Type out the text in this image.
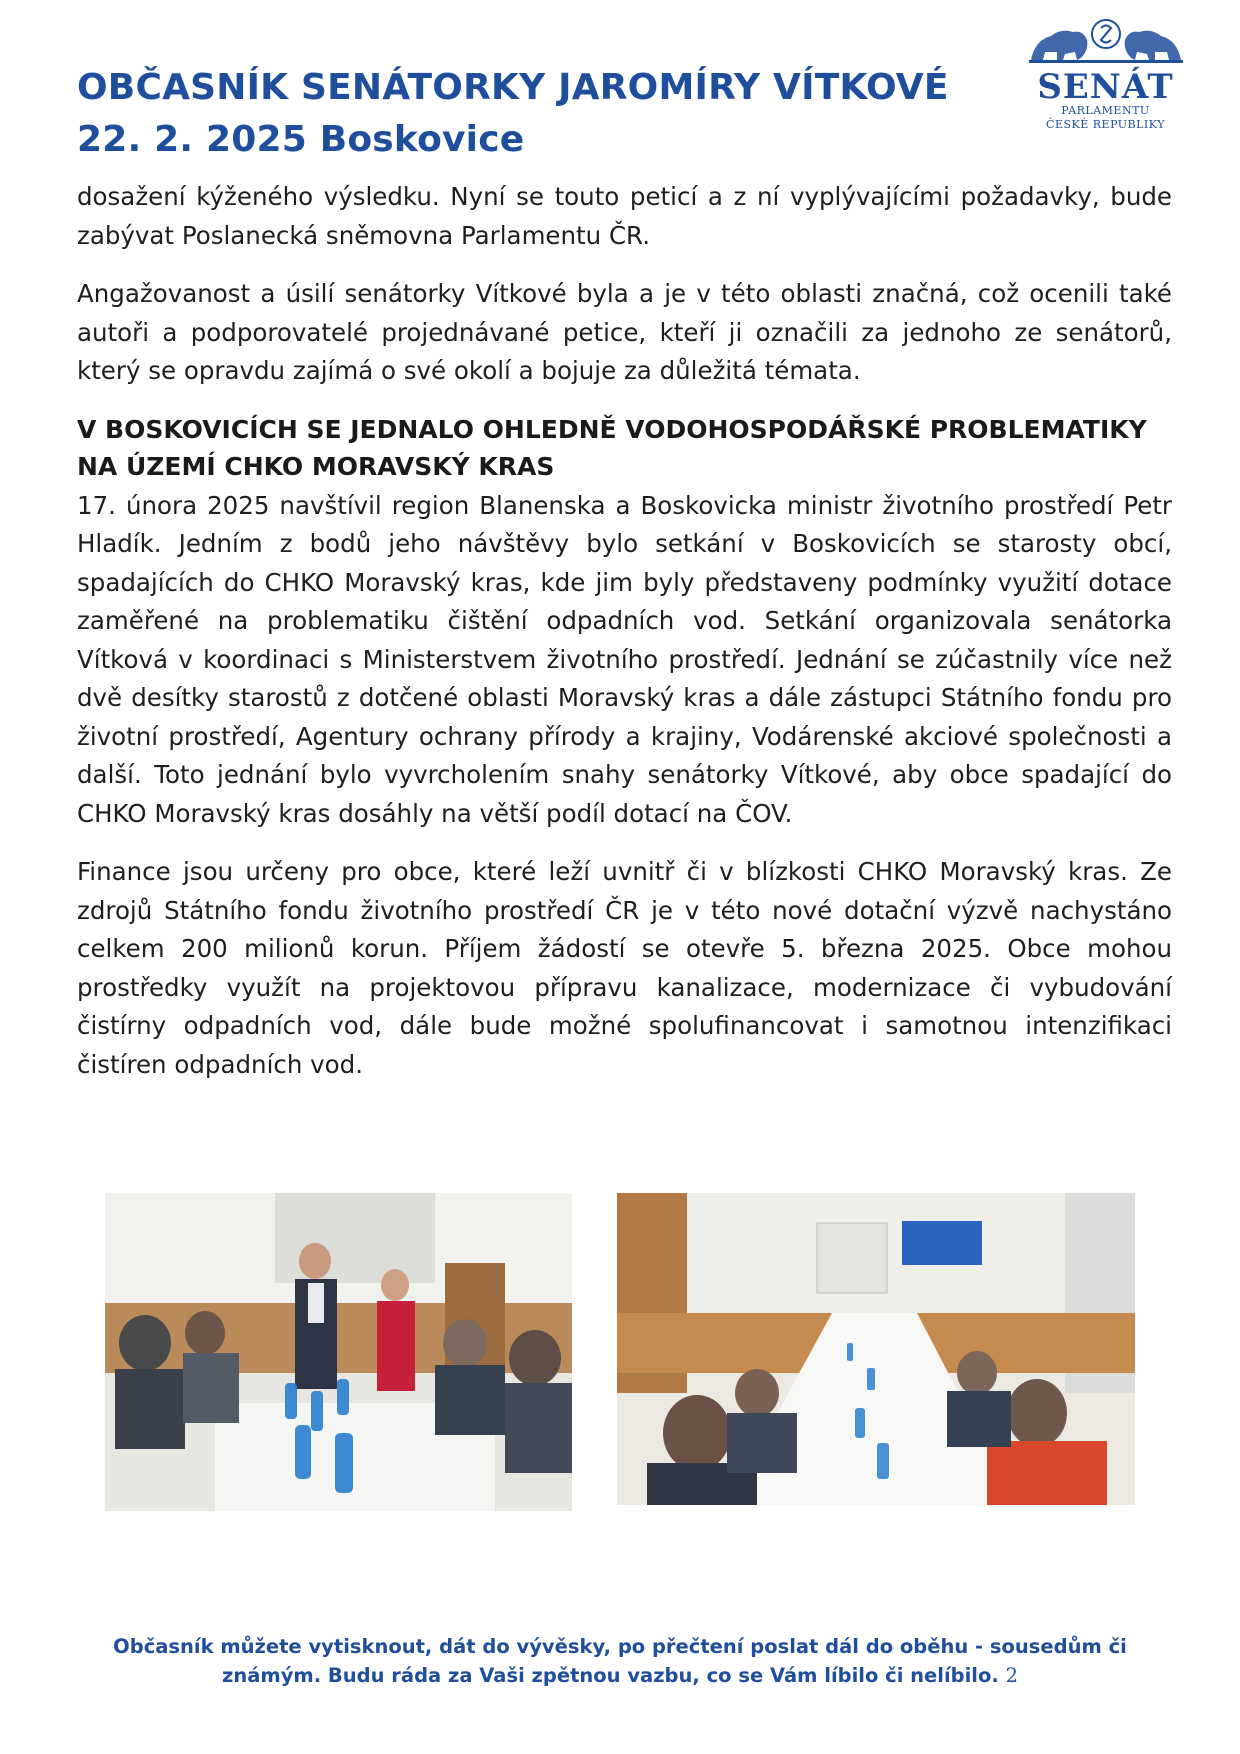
OBČASNÍK SENÁTORKY JAROMÍRY VÍTKOVÉ
22. 2. 2025 Boskovice
SENÁT
PARLAMENTU
ČESKÉ REPUBLIKY

dosažení kýženého výsledku. Nyní se touto peticí a z ní vyplývajícími požadavky, bude zabývat Poslanecká sněmovna Parlamentu ČR.

Angažovanost a úsilí senátorky Vítkové byla a je v této oblasti značná, což ocenili také autoři a podporovatelé projednávané petice, kteří ji označili za jednoho ze senátorů, který se opravdu zajímá o své okolí a bojuje za důležitá témata.

V BOSKOVICÍCH SE JEDNALO OHLEDNĚ VODOHOSPODÁŘSKÉ PROBLEMATIKY NA ÚZEMÍ CHKO MORAVSKÝ KRAS

17. února 2025 navštívil region Blanenska a Boskovicka ministr životního prostředí Petr Hladík. Jedním z bodů jeho návštěvy bylo setkání v Boskovicích se starosty obcí, spadajících do CHKO Moravský kras, kde jim byly představeny podmínky využití dotace zaměřené na problematiku čištění odpadních vod. Setkání organizovala senátorka Vítková v koordinaci s Ministerstvem životního prostředí. Jednání se zúčastnily více než dvě desítky starostů z dotčené oblasti Moravský kras a dále zástupci Státního fondu pro životní prostředí, Agentury ochrany přírody a krajiny, Vodárenské akciové společnosti a další. Toto jednání bylo vyvrcholením snahy senátorky Vítkové, aby obce spadající do CHKO Moravský kras dosáhly na větší podíl dotací na ČOV.

Finance jsou určeny pro obce, které leží uvnitř či v blízkosti CHKO Moravský kras. Ze zdrojů Státního fondu životního prostředí ČR je v této nové dotační výzvě nachystáno celkem 200 milionů korun. Příjem žádostí se otevře 5. března 2025. Obce mohou prostředky využít na projektovou přípravu kanalizace, modernizace či vybudování čistírny odpadních vod, dále bude možné spolufinancovat i samotnou intenzifikaci čistíren odpadních vod.

Občasník můžete vytisknout, dát do vývěsky, po přečtení poslat dál do oběhu - sousedům či
známým. Budu ráda za Vaši zpětnou vazbu, co se Vám líbilo či nelíbilo. 2
